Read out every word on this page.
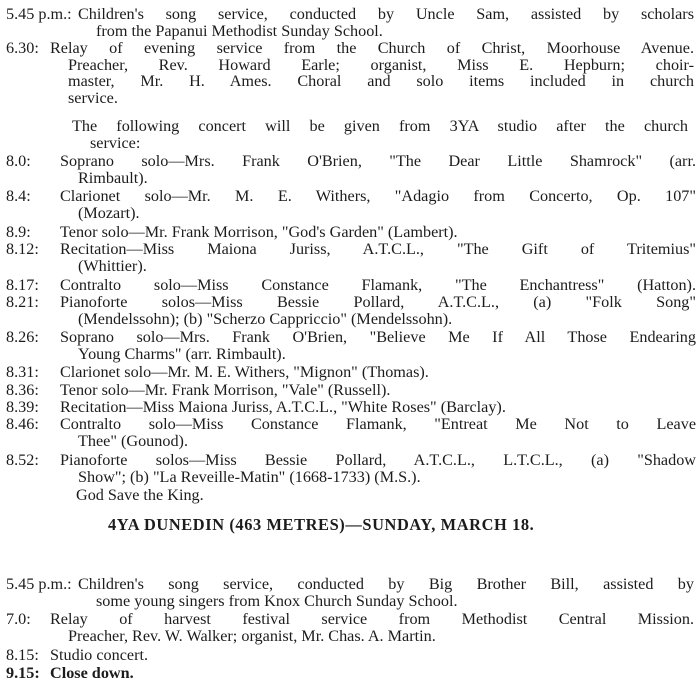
5.45 p.m.: Children's song service, conducted by Uncle Sam, assisted by scholars
from the Papanui Methodist Sunday School.
6.30: Relay of evening service from the Church of Christ, Moorhouse Avenue.
Preacher, Rev. Howard Earle; organist, Miss E. Hepburn; choir-
master, Mr. H. Ames. Choral and solo items included in church
service.
The following concert will be given from 3YA studio after the church
service:
8.0: Soprano solo—Mrs. Frank O'Brien, "The Dear Little Shamrock" (arr.
Rimbault).
8.4: Clarionet solo—Mr. M. E. Withers, "Adagio from Concerto, Op. 107"
(Mozart).
8.9: Tenor solo—Mr. Frank Morrison, "God's Garden" (Lambert).
8.12: Recitation—Miss Maiona Juriss, A.T.C.L., "The Gift of Tritemius"
(Whittier).
8.17: Contralto solo—Miss Constance Flamank, "The Enchantress" (Hatton).
8.21: Pianoforte solos—Miss Bessie Pollard, A.T.C.L., (a) "Folk Song"
(Mendelssohn); (b) "Scherzo Cappriccio" (Mendelssohn).
8.26: Soprano solo—Mrs. Frank O'Brien, "Believe Me If All Those Endearing
Young Charms" (arr. Rimbault).
8.31: Clarionet solo—Mr. M. E. Withers, "Mignon" (Thomas).
8.36: Tenor solo—Mr. Frank Morrison, "Vale" (Russell).
8.39: Recitation—Miss Maiona Juriss, A.T.C.L., "White Roses" (Barclay).
8.46: Contralto solo—Miss Constance Flamank, "Entreat Me Not to Leave
Thee" (Gounod).
8.52: Pianoforte solos—Miss Bessie Pollard, A.T.C.L., L.T.C.L., (a) "Shadow
Show"; (b) "La Reveille-Matin" (1668-1733) (M.S.).
God Save the King.
4YA DUNEDIN (463 METRES)—SUNDAY, MARCH 18.
5.45 p.m.: Children's song service, conducted by Big Brother Bill, assisted by
some young singers from Knox Church Sunday School.
7.0: Relay of harvest festival service from Methodist Central Mission.
Preacher, Rev. W. Walker; organist, Mr. Chas. A. Martin.
8.15: Studio concert.
9.15: Close down.
